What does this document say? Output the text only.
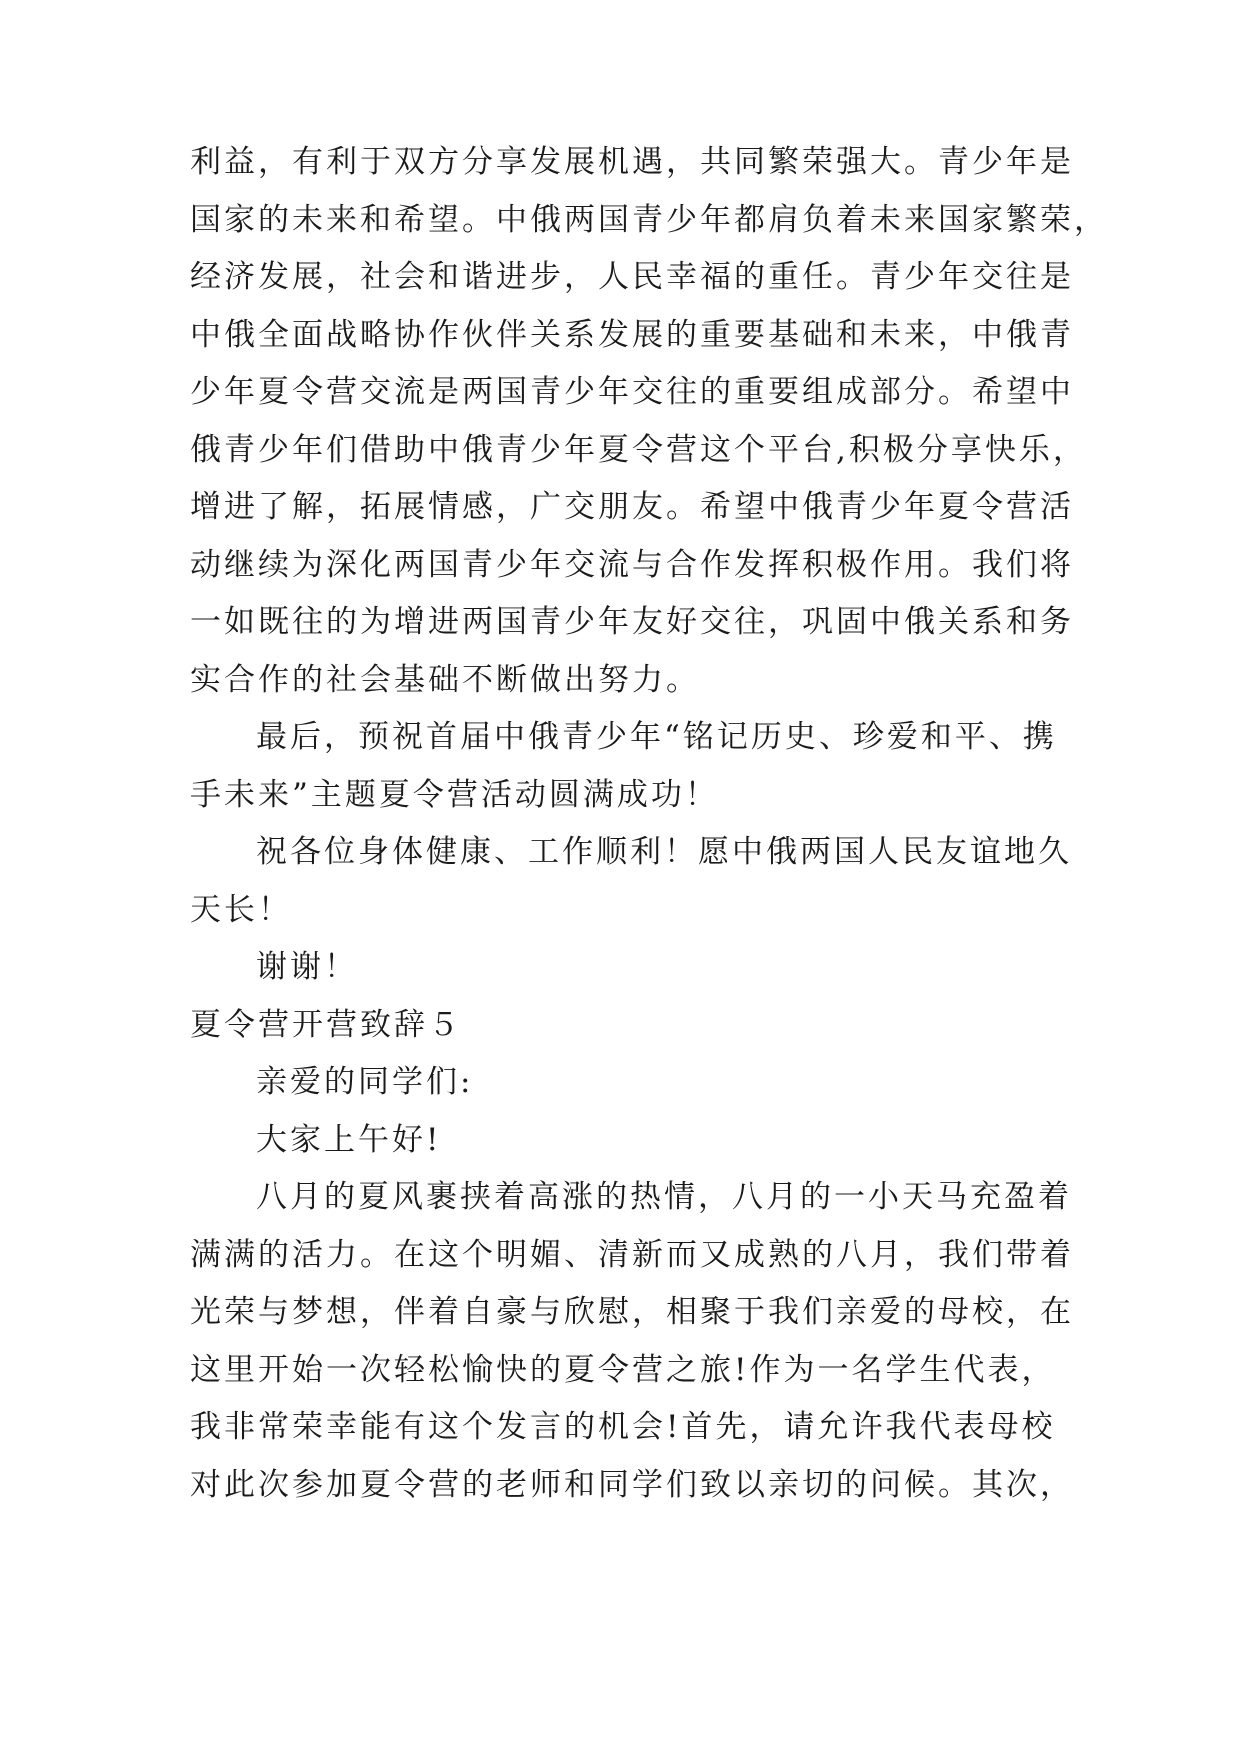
利益，有利于双方分享发展机遇，共同繁荣强大。青少年是
国家的未来和希望。中俄两国青少年都肩负着未来国家繁荣，
经济发展，社会和谐进步，人民幸福的重任。青少年交往是
中俄全面战略协作伙伴关系发展的重要基础和未来，中俄青
少年夏令营交流是两国青少年交往的重要组成部分。希望中
俄青少年们借助中俄青少年夏令营这个平台,积极分享快乐，
增进了解，拓展情感，广交朋友。希望中俄青少年夏令营活
动继续为深化两国青少年交流与合作发挥积极作用。我们将
一如既往的为增进两国青少年友好交往，巩固中俄关系和务
实合作的社会基础不断做出努力。
最后，预祝首届中俄青少年“铭记历史、珍爱和平、携
手未来”主题夏令营活动圆满成功！
祝各位身体健康、工作顺利！愿中俄两国人民友谊地久
天长！
谢谢！
夏令营开营致辞５
亲爱的同学们:
大家上午好!
八月的夏风裹挟着高涨的热情，八月的一小天马充盈着
满满的活力。在这个明媚、清新而又成熟的八月，我们带着
光荣与梦想，伴着自豪与欣慰，相聚于我们亲爱的母校，在
这里开始一次轻松愉快的夏令营之旅!作为一名学生代表，
我非常荣幸能有这个发言的机会!首先，请允许我代表母校
对此次参加夏令营的老师和同学们致以亲切的问候。其次，
